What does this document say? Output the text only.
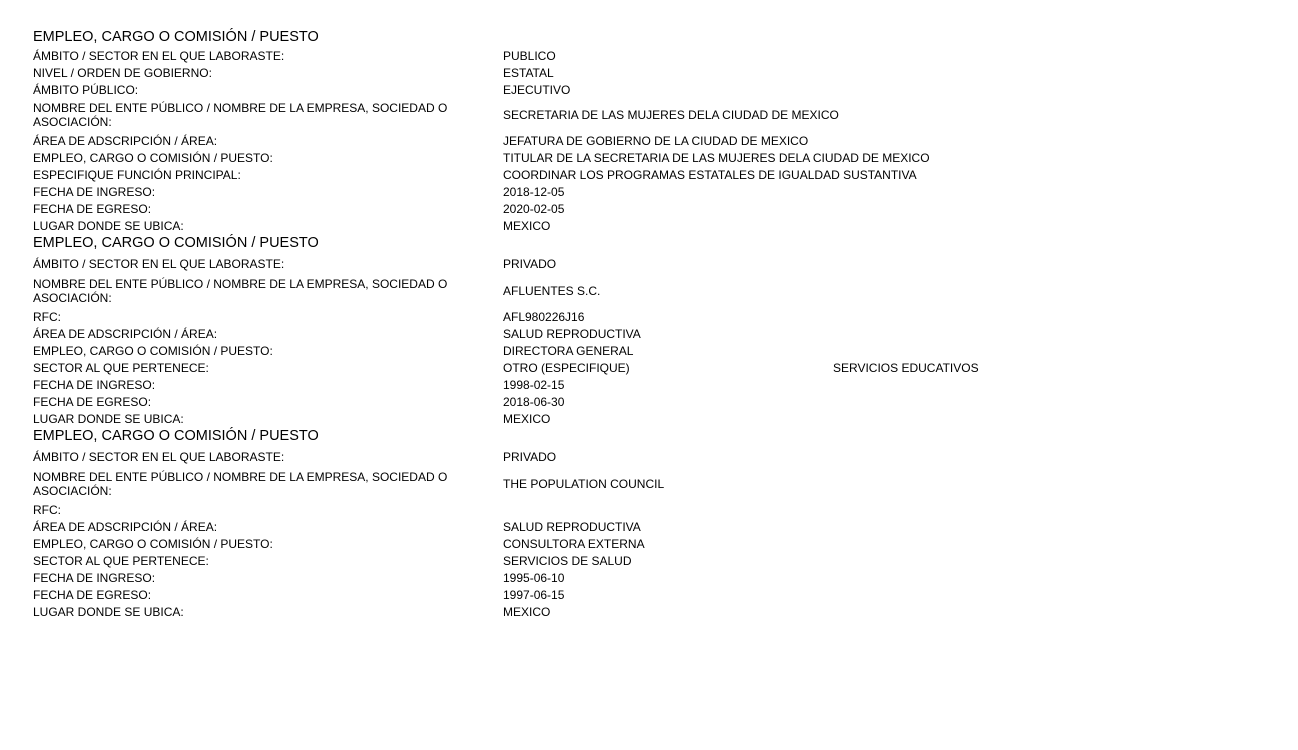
EMPLEO, CARGO O COMISIÓN / PUESTO
ÁMBITO / SECTOR EN EL QUE LABORASTE:	PUBLICO
NIVEL / ORDEN DE GOBIERNO:	ESTATAL
ÁMBITO PÚBLICO:	EJECUTIVO
NOMBRE DEL ENTE PÚBLICO / NOMBRE DE LA EMPRESA, SOCIEDAD O ASOCIACIÓN:	SECRETARIA DE LAS MUJERES DELA CIUDAD DE MEXICO
ÁREA DE ADSCRIPCIÓN / ÁREA:	JEFATURA DE GOBIERNO DE LA CIUDAD DE MEXICO
EMPLEO, CARGO O COMISIÓN / PUESTO:	TITULAR DE LA SECRETARIA DE LAS MUJERES DELA CIUDAD DE MEXICO
ESPECIFIQUE FUNCIÓN PRINCIPAL:	COORDINAR LOS PROGRAMAS ESTATALES DE IGUALDAD SUSTANTIVA
FECHA DE INGRESO:	2018-12-05
FECHA DE EGRESO:	2020-02-05
LUGAR DONDE SE UBICA:	MEXICO
EMPLEO, CARGO O COMISIÓN / PUESTO
ÁMBITO / SECTOR EN EL QUE LABORASTE:	PRIVADO
NOMBRE DEL ENTE PÚBLICO / NOMBRE DE LA EMPRESA, SOCIEDAD O ASOCIACIÓN:	AFLUENTES S.C.
RFC:	AFL980226J16
ÁREA DE ADSCRIPCIÓN / ÁREA:	SALUD REPRODUCTIVA
EMPLEO, CARGO O COMISIÓN / PUESTO:	DIRECTORA GENERAL
SECTOR AL QUE PERTENECE:	OTRO (ESPECIFIQUE)	SERVICIOS EDUCATIVOS
FECHA DE INGRESO:	1998-02-15
FECHA DE EGRESO:	2018-06-30
LUGAR DONDE SE UBICA:	MEXICO
EMPLEO, CARGO O COMISIÓN / PUESTO
ÁMBITO / SECTOR EN EL QUE LABORASTE:	PRIVADO
NOMBRE DEL ENTE PÚBLICO / NOMBRE DE LA EMPRESA, SOCIEDAD O ASOCIACIÓN:	THE POPULATION COUNCIL
RFC:
ÁREA DE ADSCRIPCIÓN / ÁREA:	SALUD REPRODUCTIVA
EMPLEO, CARGO O COMISIÓN / PUESTO:	CONSULTORA EXTERNA
SECTOR AL QUE PERTENECE:	SERVICIOS DE SALUD
FECHA DE INGRESO:	1995-06-10
FECHA DE EGRESO:	1997-06-15
LUGAR DONDE SE UBICA:	MEXICO
